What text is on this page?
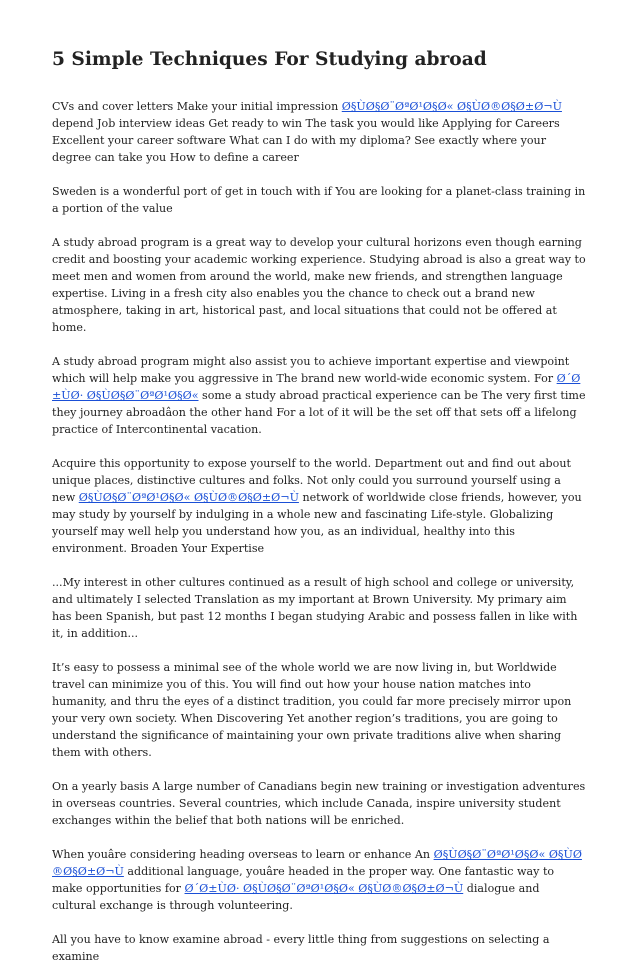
5 Simple Techniques For Studying abroad

CVs and cover letters Make your initial impression Ø§ÙØ§Ø¨ØªØ¹Ø§Ø« Ø§ÙØ®Ø§Ø±Ø¬Ù depend Job interview ideas Get ready to win The task you would like Applying for Careers Excellent your career software What can I do with my diploma? See exactly where your degree can take you How to define a career

Sweden is a wonderful port of get in touch with if You are looking for a planet-class training in a portion of the value

A study abroad program is a great way to develop your cultural horizons even though earning credit and boosting your academic working experience. Studying abroad is also a great way to meet men and women from around the world, make new friends, and strengthen language expertise. Living in a fresh city also enables you the chance to check out a brand new atmosphere, taking in art, historical past, and local situations that could not be offered at home.

A study abroad program might also assist you to achieve important expertise and viewpoint which will help make you aggressive in The brand new world-wide economic system. For Ø´Ø±ÙØ· Ø§ÙØ§Ø¨ØªØ¹Ø§Ø« some a study abroad practical experience can be The very first time they journey abroadâon the other hand For a lot of it will be the set off that sets off a lifelong practice of Intercontinental vacation.

Acquire this opportunity to expose yourself to the world. Department out and find out about unique places, distinctive cultures and folks. Not only could you surround yourself using a new Ø§ÙØ§Ø¨ØªØ¹Ø§Ø« Ø§ÙØ®Ø§Ø±Ø¬Ù network of worldwide close friends, however, you may study by yourself by indulging in a whole new and fascinating Life-style. Globalizing yourself may well help you understand how you, as an individual, healthy into this environment. Broaden Your Expertise

...My interest in other cultures continued as a result of high school and college or university, and ultimately I selected Translation as my important at Brown University. My primary aim has been Spanish, but past 12 months I began studying Arabic and possess fallen in like with it, in addition...

It’s easy to possess a minimal see of the whole world we are now living in, but Worldwide travel can minimize you of this. You will find out how your house nation matches into humanity, and thru the eyes of a distinct tradition, you could far more precisely mirror upon your very own society. When Discovering Yet another region’s traditions, you are going to understand the significance of maintaining your own private traditions alive when sharing them with others.

On a yearly basis A large number of Canadians begin new training or investigation adventures in overseas countries. Several countries, which include Canada, inspire university student exchanges within the belief that both nations will be enriched.

When youâre considering heading overseas to learn or enhance An Ø§ÙØ§Ø¨ØªØ¹Ø§Ø« Ø§ÙØ®Ø§Ø±Ø¬Ù additional language, youâre headed in the proper way. One fantastic way to make opportunities for Ø´Ø±ÙØ· Ø§ÙØ§Ø¨ØªØ¹Ø§Ø« Ø§ÙØ®Ø§Ø±Ø¬Ù dialogue and cultural exchange is through volunteering.

All you have to know examine abroad - every little thing from suggestions on selecting a examine
